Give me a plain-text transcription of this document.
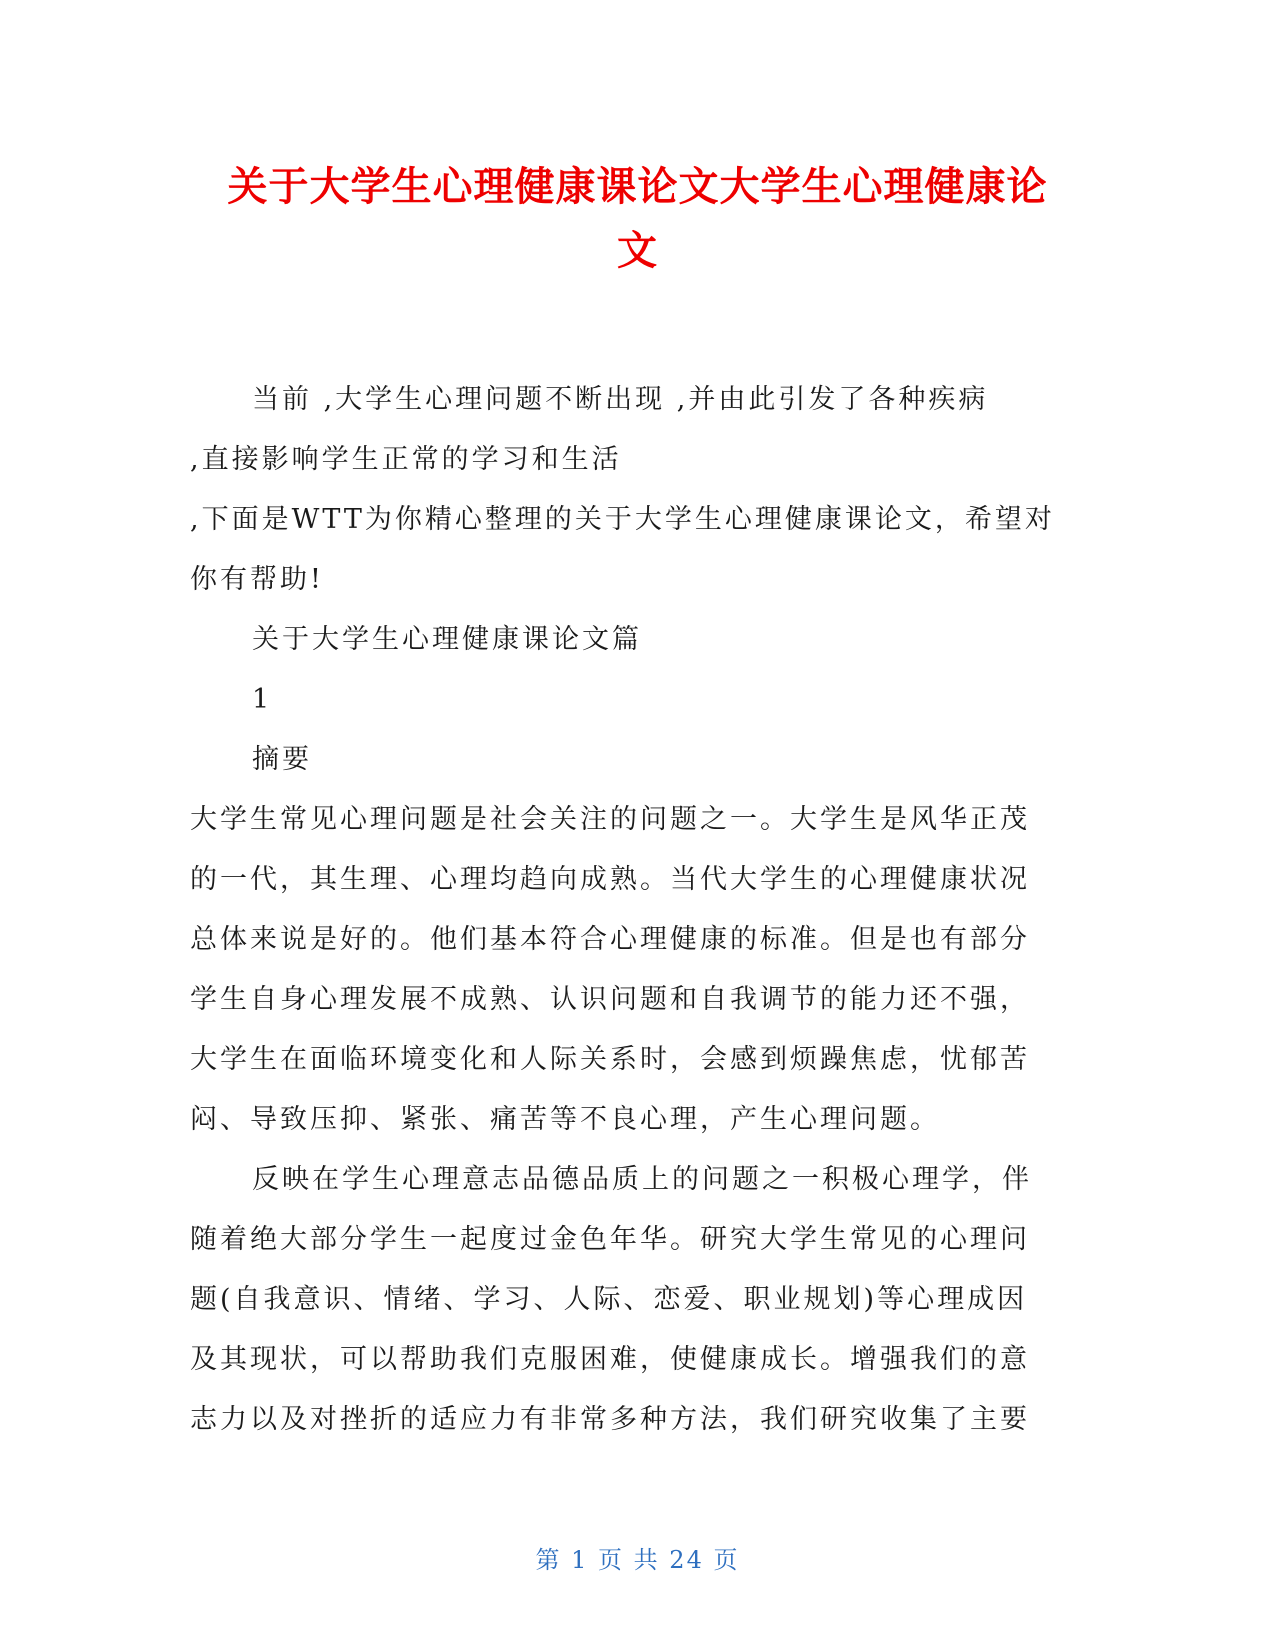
关于大学生心理健康课论文大学生心理健康论
文
当前 ,大学生心理问题不断出现 ,并由此引发了各种疾病
,直接影响学生正常的学习和生活
,下面是WTT为你精心整理的关于大学生心理健康课论文，希望对
你有帮助!
关于大学生心理健康课论文篇
1
摘要
大学生常见心理问题是社会关注的问题之一。大学生是风华正茂
的一代，其生理、心理均趋向成熟。当代大学生的心理健康状况
总体来说是好的。他们基本符合心理健康的标准。但是也有部分
学生自身心理发展不成熟、认识问题和自我调节的能力还不强，
大学生在面临环境变化和人际关系时，会感到烦躁焦虑，忧郁苦
闷、导致压抑、紧张、痛苦等不良心理，产生心理问题。
反映在学生心理意志品德品质上的问题之一积极心理学，伴
随着绝大部分学生一起度过金色年华。研究大学生常见的心理问
题(自我意识、情绪、学习、人际、恋爱、职业规划)等心理成因
及其现状，可以帮助我们克服困难，使健康成长。增强我们的意
志力以及对挫折的适应力有非常多种方法，我们研究收集了主要
第 1 页 共 24 页
